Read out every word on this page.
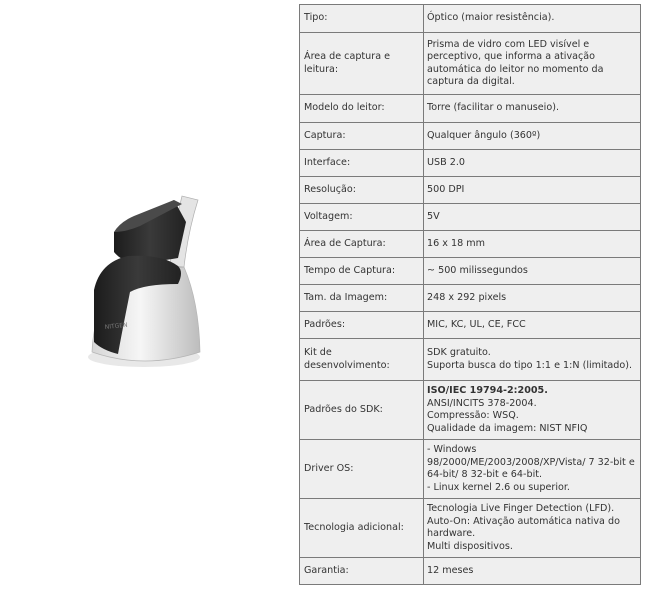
NITGEN
Tipo:	Óptico (maior resistência).

Área de captura e leitura:	Prisma de vidro com LED visível e perceptivo, que informa a ativação automática do leitor no momento da captura da digital.

Modelo do leitor:	Torre (facilitar o manuseio).

Captura:	Qualquer ângulo (360º)

Interface:	USB 2.0

Resolução:	500 DPI

Voltagem:	5V

Área de Captura:	16 x 18 mm

Tempo de Captura:	~ 500 milissegundos

Tam. da Imagem:	248 x 292 pixels

Padrões:	MIC, KC, UL, CE, FCC

Kit de desenvolvimento:	SDK gratuito.
Suporta busca do tipo 1:1 e 1:N (limitado).

Padrões do SDK:	ISO/IEC 19794-2:2005.
ANSI/INCITS 378-2004.
Compressão: WSQ.
Qualidade da imagem: NIST NFIQ

Driver OS:	- Windows 98/2000/ME/2003/2008/XP/Vista/ 7 32-bit e 64-bit/ 8 32-bit e 64-bit.
- Linux kernel 2.6 ou superior.

Tecnologia adicional:	Tecnologia Live Finger Detection (LFD).
Auto-On: Ativação automática nativa do hardware.
Multi dispositivos.

Garantia:	12 meses
